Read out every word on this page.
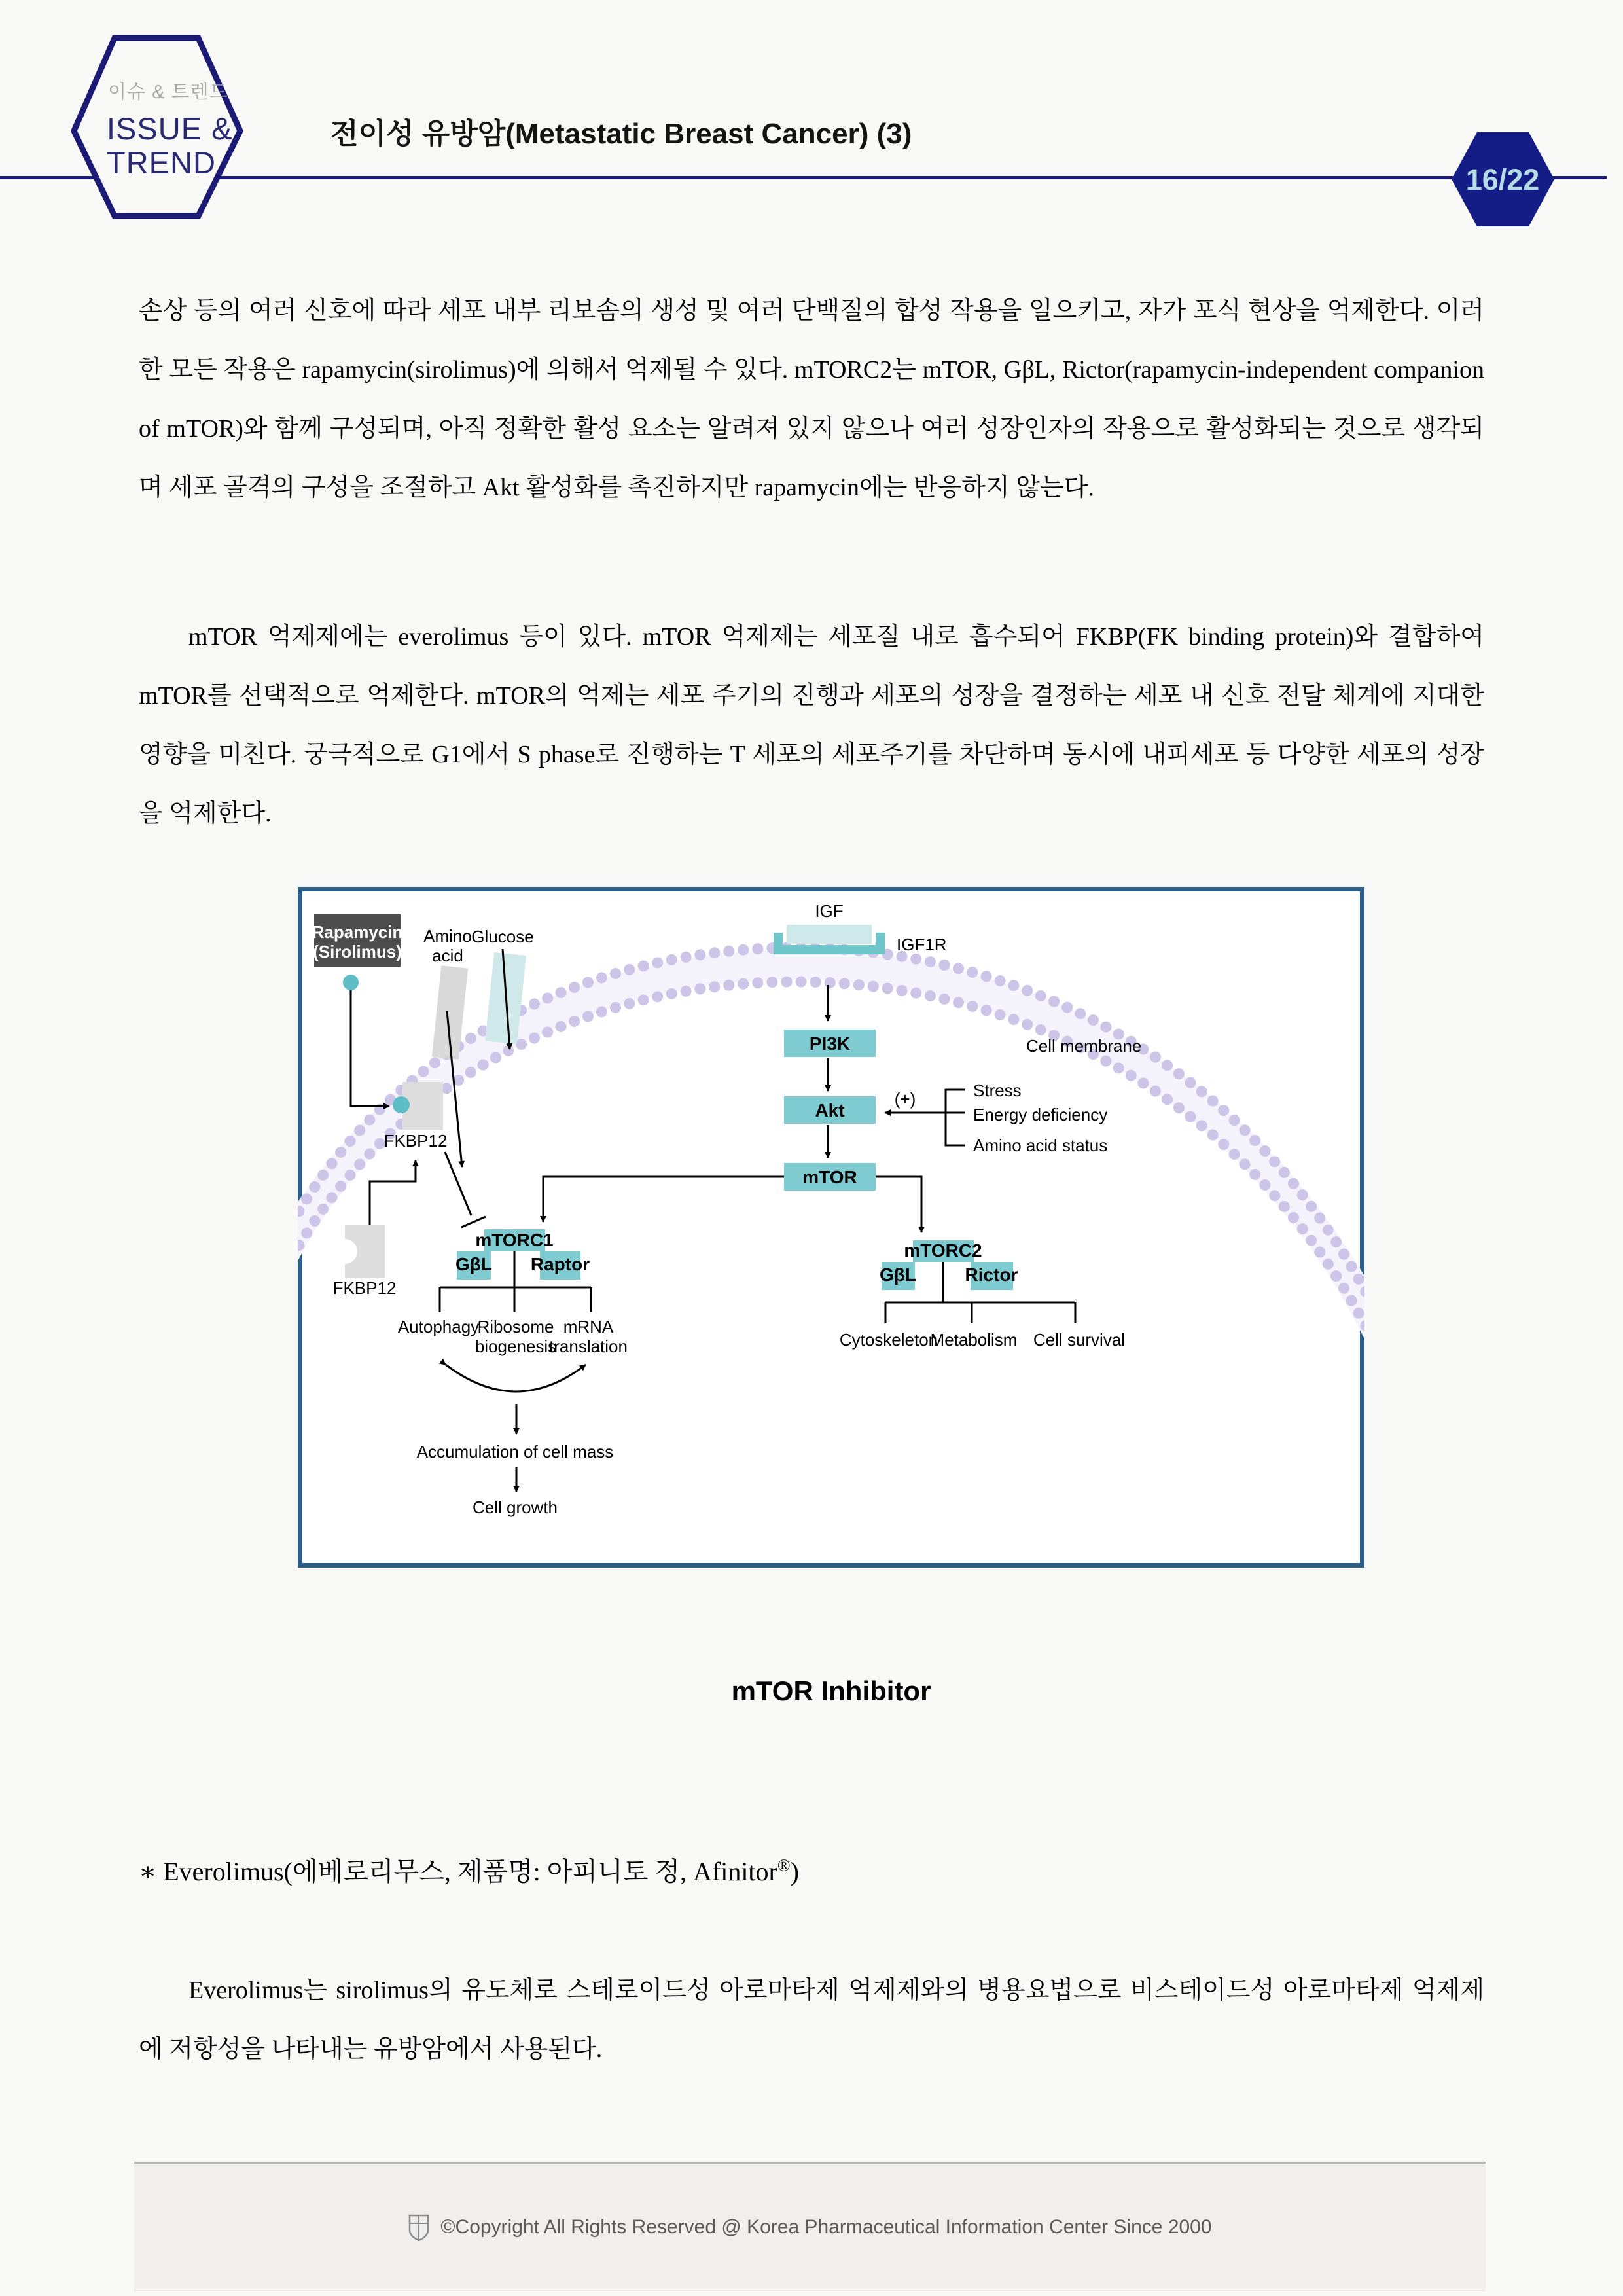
이슈 & 트렌드
ISSUE &
TREND
전이성 유방암(Metastatic Breast Cancer) (3)
16/22

손상 등의 여러 신호에 따라 세포 내부 리보솜의 생성 및 여러 단백질의 합성 작용을 일으키고, 자가 포식 현상을 억제한다. 이러한 모든 작용은 rapamycin(sirolimus)에 의해서 억제될 수 있다. mTORC2는 mTOR, GβL, Rictor(rapamycin-independent companion of mTOR)와 함께 구성되며, 아직 정확한 활성 요소는 알려져 있지 않으나 여러 성장인자의 작용으로 활성화되는 것으로 생각되며 세포 골격의 구성을 조절하고 Akt 활성화를 촉진하지만 rapamycin에는 반응하지 않는다.

mTOR 억제제에는 everolimus 등이 있다. mTOR 억제제는 세포질 내로 흡수되어 FKBP(FK binding protein)와 결합하여 mTOR를 선택적으로 억제한다. mTOR의 억제는 세포 주기의 진행과 세포의 성장을 결정하는 세포 내 신호 전달 체계에 지대한 영향을 미친다. 궁극적으로 G1에서 S phase로 진행하는 T 세포의 세포주기를 차단하며 동시에 내피세포 등 다양한 세포의 성장을 억제한다.

Cell membrane
Rapamycin
(Sirolimus)
Amino
acid
Glucose
IGF
IGF1R
PI3K
Akt
mTOR
(+)	Stress
Energy deficiency
Amino acid status
FKBP12
FKBP12
mTORC1
GβL Raptor
Autophagy
Ribosome
biogenesis
mRNA
translation
Accumulation of cell mass
Cell growth
mTORC2
GβL	Rictor
Cytoskeleton
Metabolism Cell survival
mTOR Inhibitor
∗ Everolimus(에베로리무스, 제품명: 아피니토 정, Afinitor®)

Everolimus는 sirolimus의 유도체로 스테로이드성 아로마타제 억제제와의 병용요법으로 비스테이드성 아로마타제 억제제에 저항성을 나타내는 유방암에서 사용된다.

©Copyright All Rights Reserved @ Korea Pharmaceutical Information Center Since 2000
